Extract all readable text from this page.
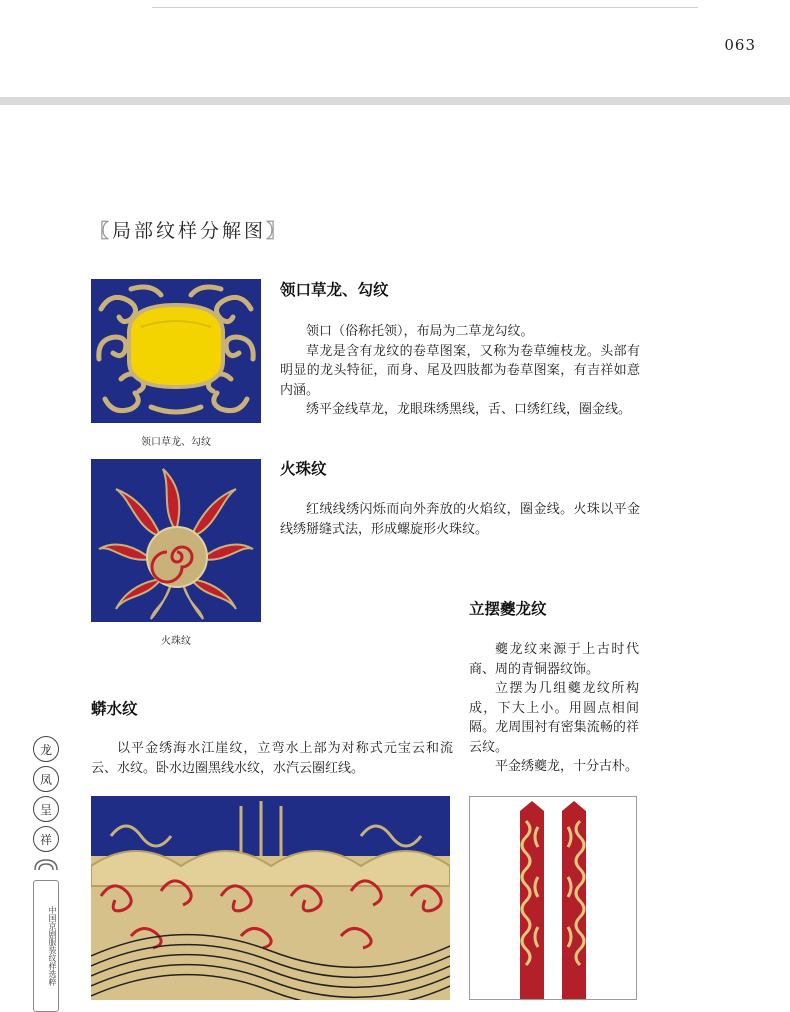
063
〖局部纹样分解图〗
领口草龙、勾纹
领口草龙、勾纹

领口（俗称托领），布局为二草龙勾纹。

草龙是含有龙纹的卷草图案，又称为卷草缠枝龙。头部有明显的龙头特征，而身、尾及四肢都为卷草图案，有吉祥如意内涵。

绣平金线草龙，龙眼珠绣黑线，舌、口绣红线，圈金线。

火珠纹
火珠纹

红绒线绣闪烁而向外奔放的火焰纹，圈金线。火珠以平金线绣掰缝式法，形成螺旋形火珠纹。

立摆夔龙纹

夔龙纹来源于上古时代商、周的青铜器纹饰。

立摆为几组夔龙纹所构成，下大上小。用圆点相间隔。龙周围衬有密集流畅的祥云纹。

平金绣夔龙，十分古朴。

蟒水纹

以平金绣海水江崖纹，立弯水上部为对称式元宝云和流云、水纹。卧水边圈黑线水纹，水汽云圈红线。

龙
凤
呈
祥
中国京剧服装纹样选粹
